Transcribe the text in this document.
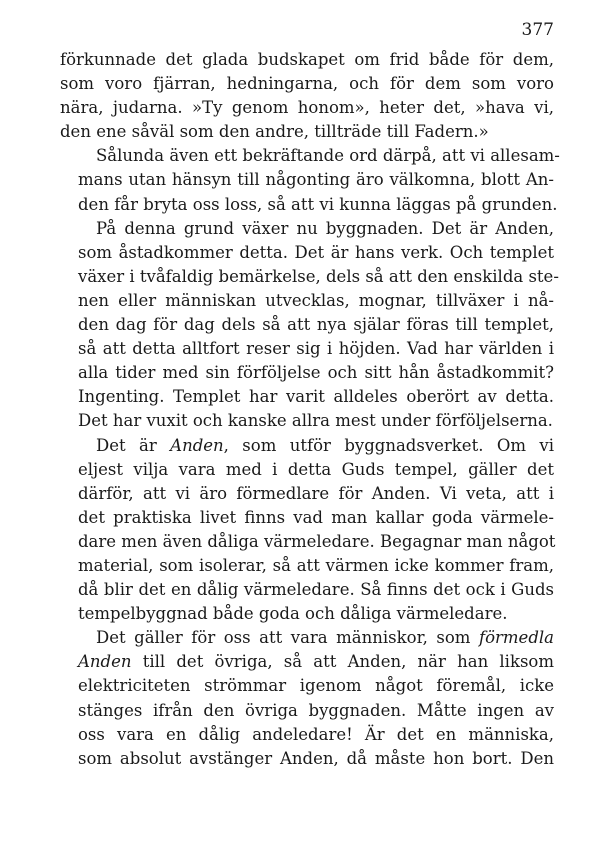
377
förkunnade det glada budskapet om frid både för dem,
som voro fjärran, hedningarna, och för dem som voro
nära, judarna. »Ty genom honom», heter det, »hava vi,
den ene såväl som den andre, tillträde till Fadern.»
Sålunda även ett bekräftande ord därpå, att vi allesam-
mans utan hänsyn till någonting äro välkomna, blott An-
den får bryta oss loss, så att vi kunna läggas på grunden.
På denna grund växer nu byggnaden. Det är Anden,
som åstadkommer detta. Det är hans verk. Och templet
växer i tvåfaldig bemärkelse, dels så att den enskilda ste-
nen eller människan utvecklas, mognar, tillväxer i nå-
den dag för dag dels så att nya själar föras till templet,
så att detta alltfort reser sig i höjden. Vad har världen i
alla tider med sin förföljelse och sitt hån åstadkommit?
Ingenting. Templet har varit alldeles oberört av detta.
Det har vuxit och kanske allra mest under förföljelserna.
Det är Anden, som utför byggnadsverket. Om vi
eljest vilja vara med i detta Guds tempel, gäller det
därför, att vi äro förmedlare för Anden. Vi veta, att i
det praktiska livet finns vad man kallar goda värmele-
dare men även dåliga värmeledare. Begagnar man något
material, som isolerar, så att värmen icke kommer fram,
då blir det en dålig värmeledare. Så finns det ock i Guds
tempelbyggnad både goda och dåliga värmeledare.
Det gäller för oss att vara människor, som förmedla
Anden till det övriga, så att Anden, när han liksom
elektriciteten strömmar igenom något föremål, icke
stänges ifrån den övriga byggnaden. Måtte ingen av
oss vara en dålig andeledare! Är det en människa,
som absolut avstänger Anden, då måste hon bort. Den
